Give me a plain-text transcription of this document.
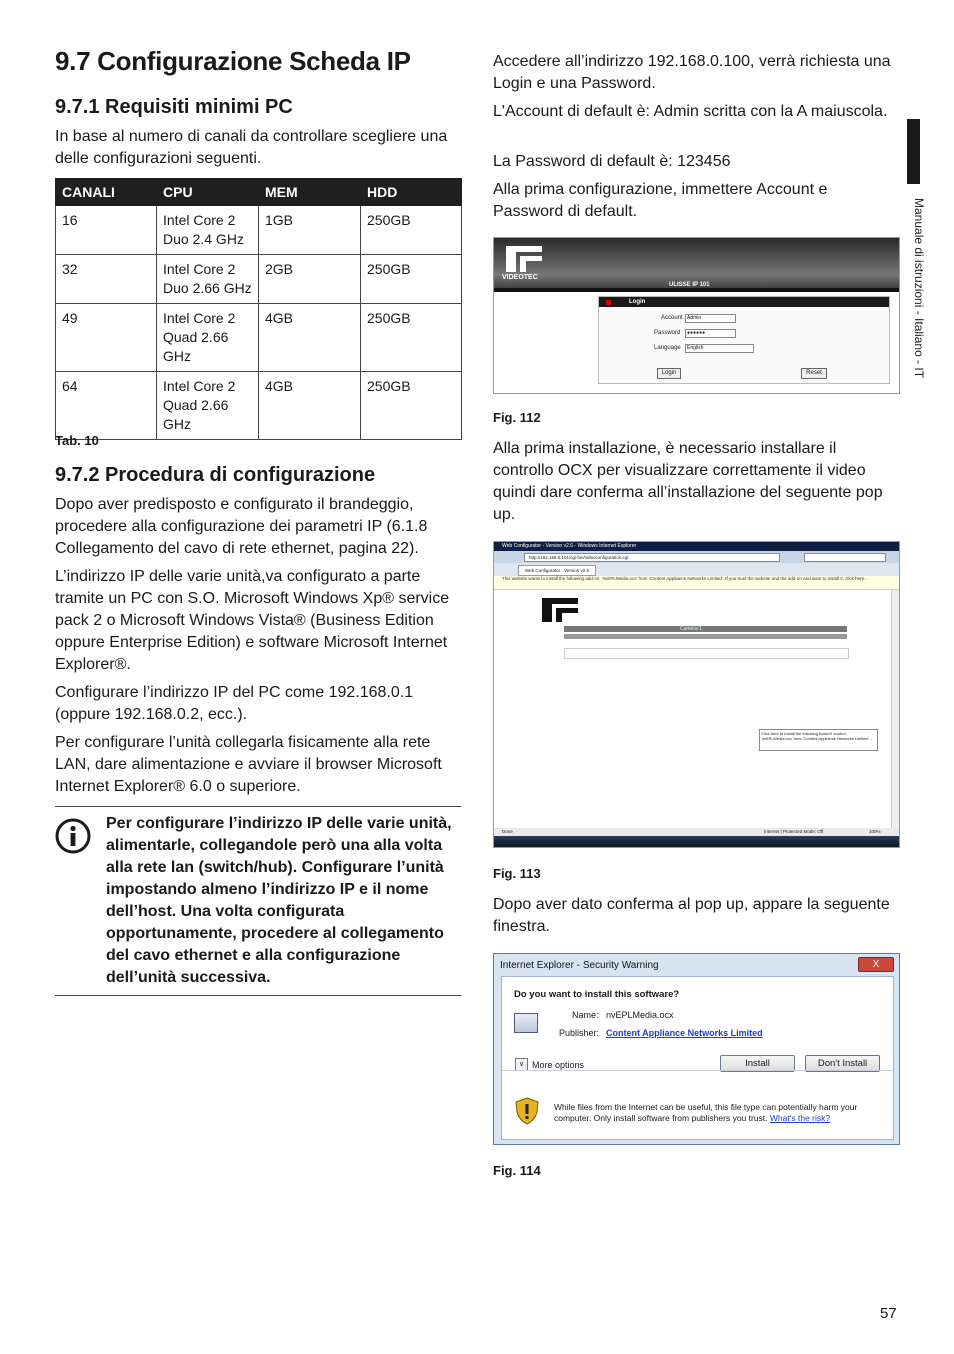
9.7 Configurazione Scheda IP
9.7.1 Requisiti minimi PC

In base al numero di canali da controllare scegliere una delle configurazioni seguenti.

CANALI	CPU	MEM	HDD
16	Intel Core 2 Duo 2.4 GHz	1GB	250GB
32	Intel Core 2 Duo 2.66 GHz	2GB	250GB
49	Intel Core 2 Quad 2.66 GHz	4GB	250GB
64	Intel Core 2 Quad 2.66 GHz	4GB	250GB
Tab. 10
9.7.2 Procedura di configurazione

Dopo aver predisposto e configurato il brandeggio, procedere alla configurazione dei parametri IP (6.1.8 Collegamento del cavo di rete ethernet, pagina 22).

L’indirizzo IP delle varie unità,va configurato a parte tramite un PC con S.O. Microsoft Windows Xp® service pack 2 o Microsoft Windows Vista® (Business Edition oppure Enterprise Edition) e software Microsoft Internet Explorer®.

Configurare l’indirizzo IP del PC come 192.168.0.1 (oppure 192.168.0.2, ecc.).

Per configurare l’unità collegarla fisicamente alla rete LAN, dare alimentazione e avviare il browser Microsoft Internet Explorer® 6.0 o superiore.

Per configurare l’indirizzo IP delle varie unità, alimentarle, collegandole però una alla volta alla rete lan (switch/hub). Configurare l’unità impostando almeno l’indirizzo IP e il nome dell’host. Una volta configurata opportunamente, procedere al collegamento del cavo ethernet e alla configurazione dell’unità successiva.

Accedere all’indirizzo 192.168.0.100, verrà richiesta una Login e una Password.

L'Account di default è: Admin scritta con la A maiuscola.

La Password di default è: 123456

Alla prima configurazione, immettere Account e Password di default.

VIDEOTEC
ULISSE IP 101
Login
Account Admin
Password	●●●●●●
Language	English
Login	Reset
Fig. 112

Alla prima installazione, è necessario installare il controllo OCX per visualizzare correttamente il video quindi dare conferma all’installazione del seguente pop up.

Web Configurator - Version v2.6 - Windows Internet Explorer
http://192.168.0.101/cgi-bin/videoconfiguration.cgi
Web Configurator - Version v2.6
This website wants to install the following add-on: 'nvEPLMedia.ocx' from 'Content Appliance Networks Limited'. If you trust the website and the add-on and want to install it, click here...
Camera 1
Click here to install the following ActiveX control: 'nvEPLMedia.ocx' from 'Content Appliance Networks Limited'...
Done	Internet | Protected Mode: Off	100%
Fig. 113

Dopo aver dato conferma al pop up, appare la seguente finestra.

Internet Explorer - Security Warning	X
Do you want to install this software?
Name: nvEPLMedia.ocx
Publisher: Content Appliance Networks Limited
∨ More options	Install	Don't Install
While files from the Internet can be useful, this file type can potentially harm your computer. Only install software from publishers you trust. What's the risk?
Fig. 114
Manuale di istruzioni - Italiano - IT
57
